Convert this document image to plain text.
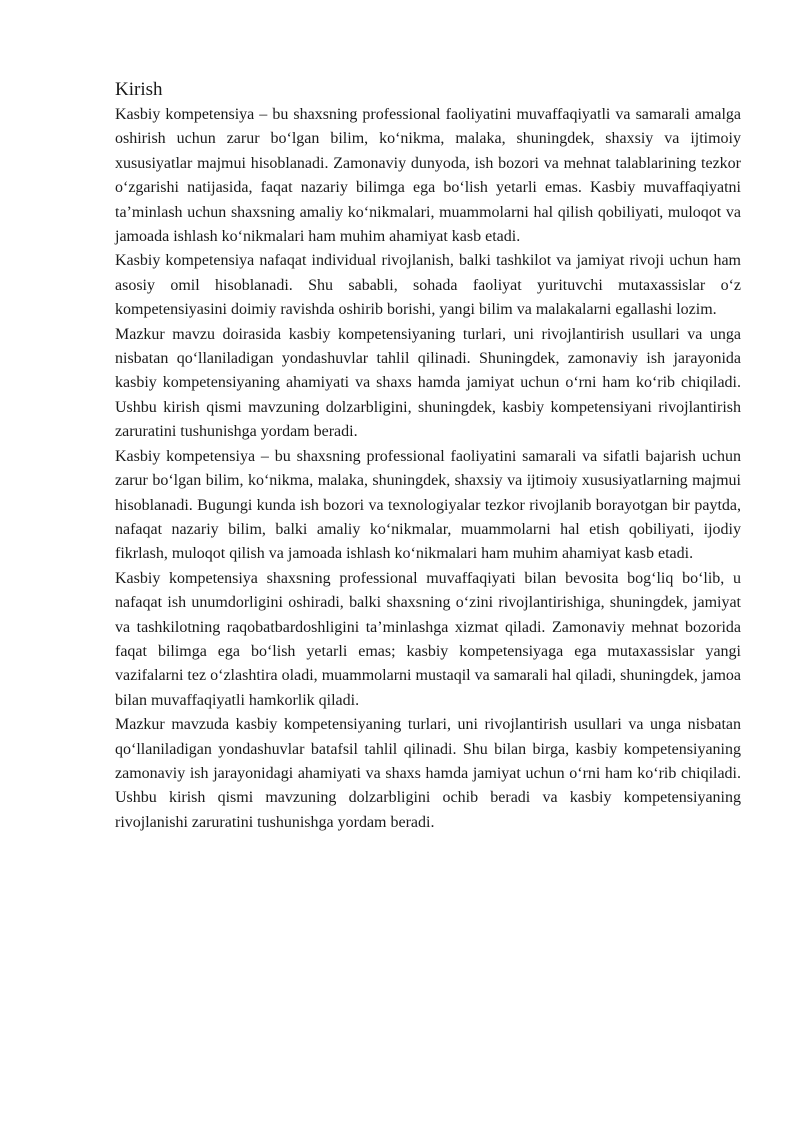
Kirish

Kasbiy kompetensiya – bu shaxsning professional faoliyatini muvaffaqiyatli va samarali amalga oshirish uchun zarur bo‘lgan bilim, ko‘nikma, malaka, shuningdek, shaxsiy va ijtimoiy xususiyatlar majmui hisoblanadi. Zamonaviy dunyoda, ish bozori va mehnat talablarining tezkor o‘zgarishi natijasida, faqat nazariy bilimga ega bo‘lish yetarli emas. Kasbiy muvaffaqiyatni ta’minlash uchun shaxsning amaliy ko‘nikmalari, muammolarni hal qilish qobiliyati, muloqot va jamoada ishlash ko‘nikmalari ham muhim ahamiyat kasb etadi.

Kasbiy kompetensiya nafaqat individual rivojlanish, balki tashkilot va jamiyat rivoji uchun ham asosiy omil hisoblanadi. Shu sababli, sohada faoliyat yurituvchi mutaxassislar o‘z kompetensiyasini doimiy ravishda oshirib borishi, yangi bilim va malakalarni egallashi lozim.

Mazkur mavzu doirasida kasbiy kompetensiyaning turlari, uni rivojlantirish usullari va unga nisbatan qo‘llaniladigan yondashuvlar tahlil qilinadi. Shuningdek, zamonaviy ish jarayonida kasbiy kompetensiyaning ahamiyati va shaxs hamda jamiyat uchun o‘rni ham ko‘rib chiqiladi. Ushbu kirish qismi mavzuning dolzarbligini, shuningdek, kasbiy kompetensiyani rivojlantirish zaruratini tushunishga yordam beradi.

Kasbiy kompetensiya – bu shaxsning professional faoliyatini samarali va sifatli bajarish uchun zarur bo‘lgan bilim, ko‘nikma, malaka, shuningdek, shaxsiy va ijtimoiy xususiyatlarning majmui hisoblanadi. Bugungi kunda ish bozori va texnologiyalar tezkor rivojlanib borayotgan bir paytda, nafaqat nazariy bilim, balki amaliy ko‘nikmalar, muammolarni hal etish qobiliyati, ijodiy fikrlash, muloqot qilish va jamoada ishlash ko‘nikmalari ham muhim ahamiyat kasb etadi.

Kasbiy kompetensiya shaxsning professional muvaffaqiyati bilan bevosita bog‘liq bo‘lib, u nafaqat ish unumdorligini oshiradi, balki shaxsning o‘zini rivojlantirishiga, shuningdek, jamiyat va tashkilotning raqobatbardoshligini ta’minlashga xizmat qiladi. Zamonaviy mehnat bozorida faqat bilimga ega bo‘lish yetarli emas; kasbiy kompetensiyaga ega mutaxassislar yangi vazifalarni tez o‘zlashtira oladi, muammolarni mustaqil va samarali hal qiladi, shuningdek, jamoa bilan muvaffaqiyatli hamkorlik qiladi.

Mazkur mavzuda kasbiy kompetensiyaning turlari, uni rivojlantirish usullari va unga nisbatan qo‘llaniladigan yondashuvlar batafsil tahlil qilinadi. Shu bilan birga, kasbiy kompetensiyaning zamonaviy ish jarayonidagi ahamiyati va shaxs hamda jamiyat uchun o‘rni ham ko‘rib chiqiladi. Ushbu kirish qismi mavzuning dolzarbligini ochib beradi va kasbiy kompetensiyaning rivojlanishi zaruratini tushunishga yordam beradi.
